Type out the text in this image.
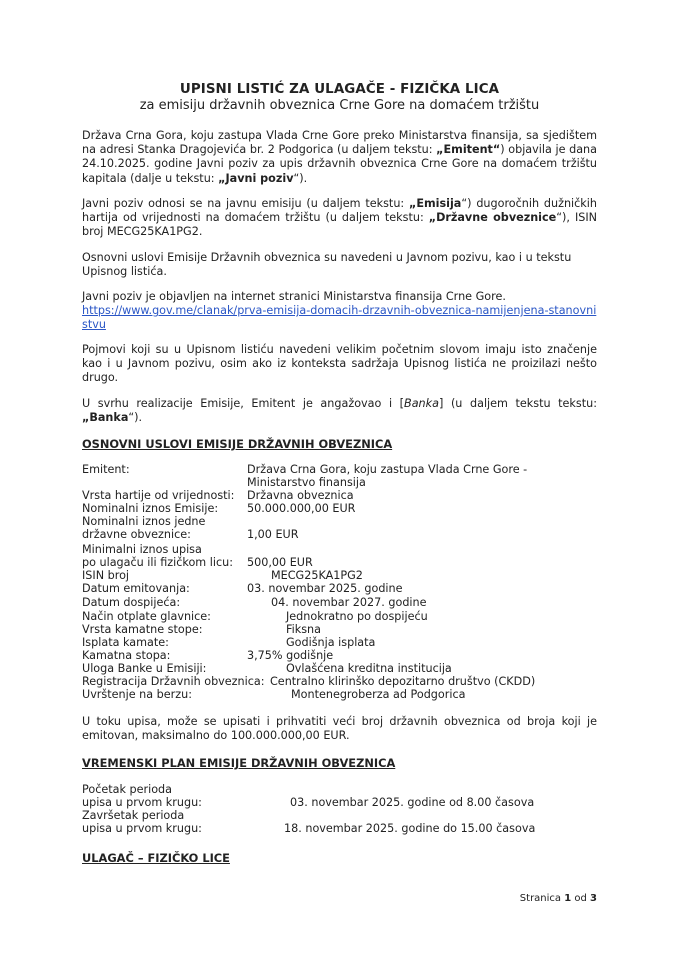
UPISNI LISTIĆ ZA ULAGAČE - FIZIČKA LICA
za emisiju državnih obveznica Crne Gore na domaćem tržištu

Država Crna Gora, koju zastupa Vlada Crne Gore preko Ministarstva finansija, sa sjedištem na adresi Stanka Dragojevića br. 2 Podgorica (u daljem tekstu: „Emitent“) objavila je dana 24.10.2025. godine Javni poziv za upis državnih obveznica Crne Gore na domaćem tržištu kapitala (dalje u tekstu: „Javni poziv“).

Javni poziv odnosi se na javnu emisiju (u daljem tekstu: „Emisija“) dugoročnih dužničkih hartija od vrijednosti na domaćem tržištu (u daljem tekstu: „Državne obveznice“), ISIN broj MECG25KA1PG2.

Osnovni uslovi Emisije Državnih obveznica su navedeni u Javnom pozivu, kao i u tekstu Upisnog listića.

Javni poziv je objavljen na internet stranici Ministarstva finansija Crne Gore.
https://www.gov.me/clanak/prva-emisija-domacih-drzavnih-obveznica-namijenjena-stanovnistvu

Pojmovi koji su u Upisnom listiću navedeni velikim početnim slovom imaju isto značenje kao i u Javnom pozivu, osim ako iz konteksta sadržaja Upisnog listića ne proizilazi nešto drugo.

U svrhu realizacije Emisije, Emitent je angažovao i [Banka] (u daljem tekstu tekstu: „Banka“).

OSNOVNI USLOVI EMISIJE DRŽAVNIH OBVEZNICA
Emitent:	Država Crna Gora, koju zastupa Vlada Crne Gore -
Ministarstvo finansija
Vrsta hartije od vrijednosti: Državna obveznica
Nominalni iznos Emisije:	50.000.000,00 EUR
Nominalni iznos jedne
državne obveznice:	1,00 EUR
Minimalni iznos upisa
po ulagaču ili fizičkom licu: 500,00 EUR
ISIN broj	MECG25KA1PG2
Datum emitovanja:	03. novembar 2025. godine
Datum dospijeća:	04. novembar 2027. godine
Način otplate glavnice:	Jednokratno po dospijeću
Vrsta kamatne stope:	Fiksna
Isplata kamate:	Godišnja isplata
Kamatna stopa:	3,75% godišnje
Uloga Banke u Emisiji:	Ovlašćena kreditna institucija
Registracija Državnih obveznica: Centralno klirinško depozitarno društvo (CKDD)
Uvrštenje na berzu:	Montenegroberza ad Podgorica

U toku upisa, može se upisati i prihvatiti veći broj državnih obveznica od broja koji je emitovan, maksimalno do 100.000.000,00 EUR.

VREMENSKI PLAN EMISIJE DRŽAVNIH OBVEZNICA
Početak perioda
upisa u prvom krugu:	03. novembar 2025. godine od 8.00 časova
Završetak perioda
upisa u prvom krugu:	18. novembar 2025. godine do 15.00 časova
ULAGAČ – FIZIČKO LICE
Stranica 1 od 3
